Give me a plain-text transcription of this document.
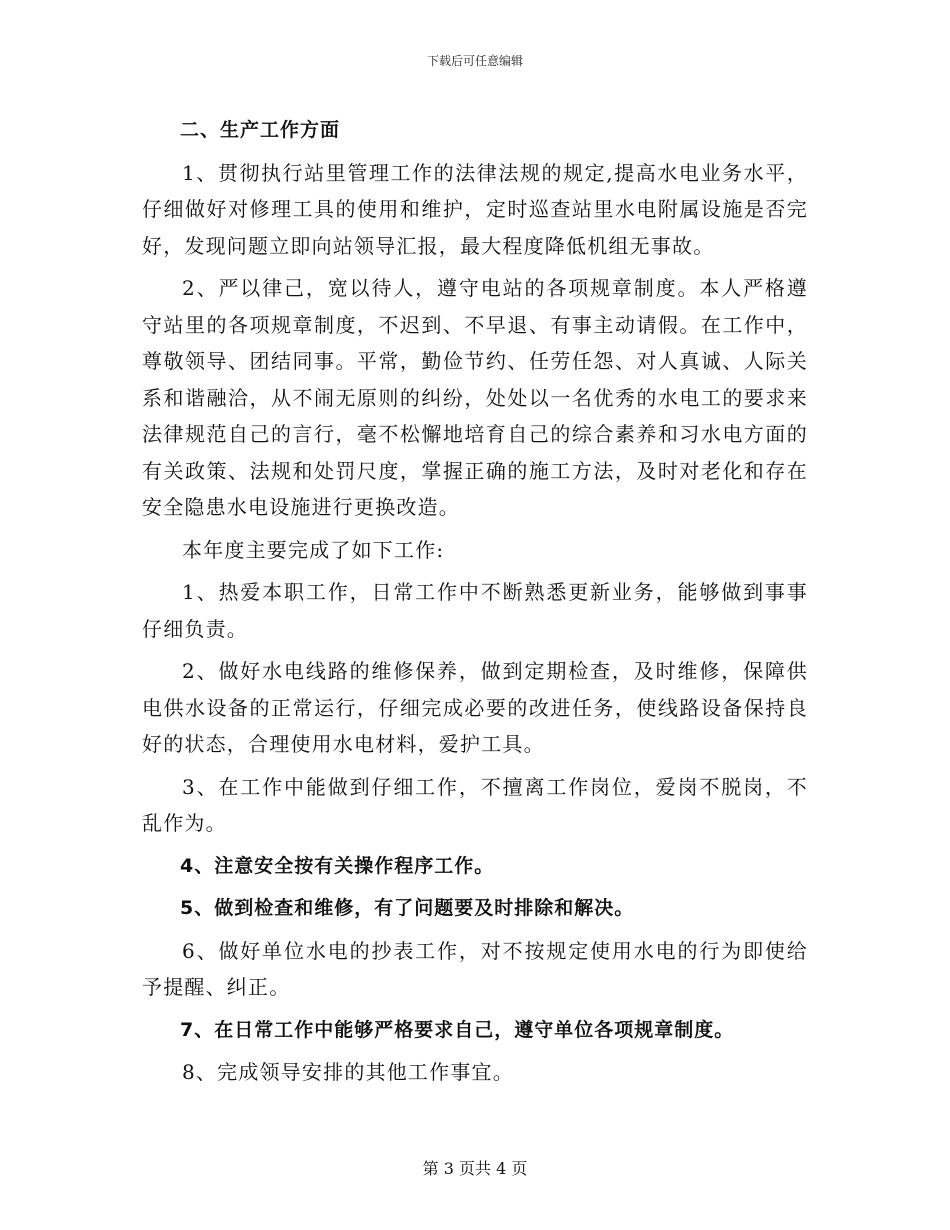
下载后可任意编辑

二、生产工作方面

1、贯彻执行站里管理工作的法律法规的规定,提高水电业务水平，仔细做好对修理工具的使用和维护，定时巡查站里水电附属设施是否完好，发现问题立即向站领导汇报，最大程度降低机组无事故。

2、严以律己，宽以待人，遵守电站的各项规章制度。本人严格遵守站里的各项规章制度，不迟到、不早退、有事主动请假。在工作中，尊敬领导、团结同事。平常，勤俭节约、任劳任怨、对人真诚、人际关系和谐融洽，从不闹无原则的纠纷，处处以一名优秀的水电工的要求来法律规范自己的言行，毫不松懈地培育自己的综合素养和习水电方面的有关政策、法规和处罚尺度，掌握正确的施工方法，及时对老化和存在安全隐患水电设施进行更换改造。

本年度主要完成了如下工作:

1、热爱本职工作，日常工作中不断熟悉更新业务，能够做到事事仔细负责。

2、做好水电线路的维修保养，做到定期检查，及时维修，保障供电供水设备的正常运行，仔细完成必要的改进任务，使线路设备保持良好的状态，合理使用水电材料，爱护工具。

3、在工作中能做到仔细工作，不擅离工作岗位，爱岗不脱岗，不乱作为。

4、注意安全按有关操作程序工作。

5、做到检查和维修，有了问题要及时排除和解决。

6、做好单位水电的抄表工作，对不按规定使用水电的行为即使给予提醒、纠正。

7、在日常工作中能够严格要求自己，遵守单位各项规章制度。

8、完成领导安排的其他工作事宜。

第 3 页共 4 页
